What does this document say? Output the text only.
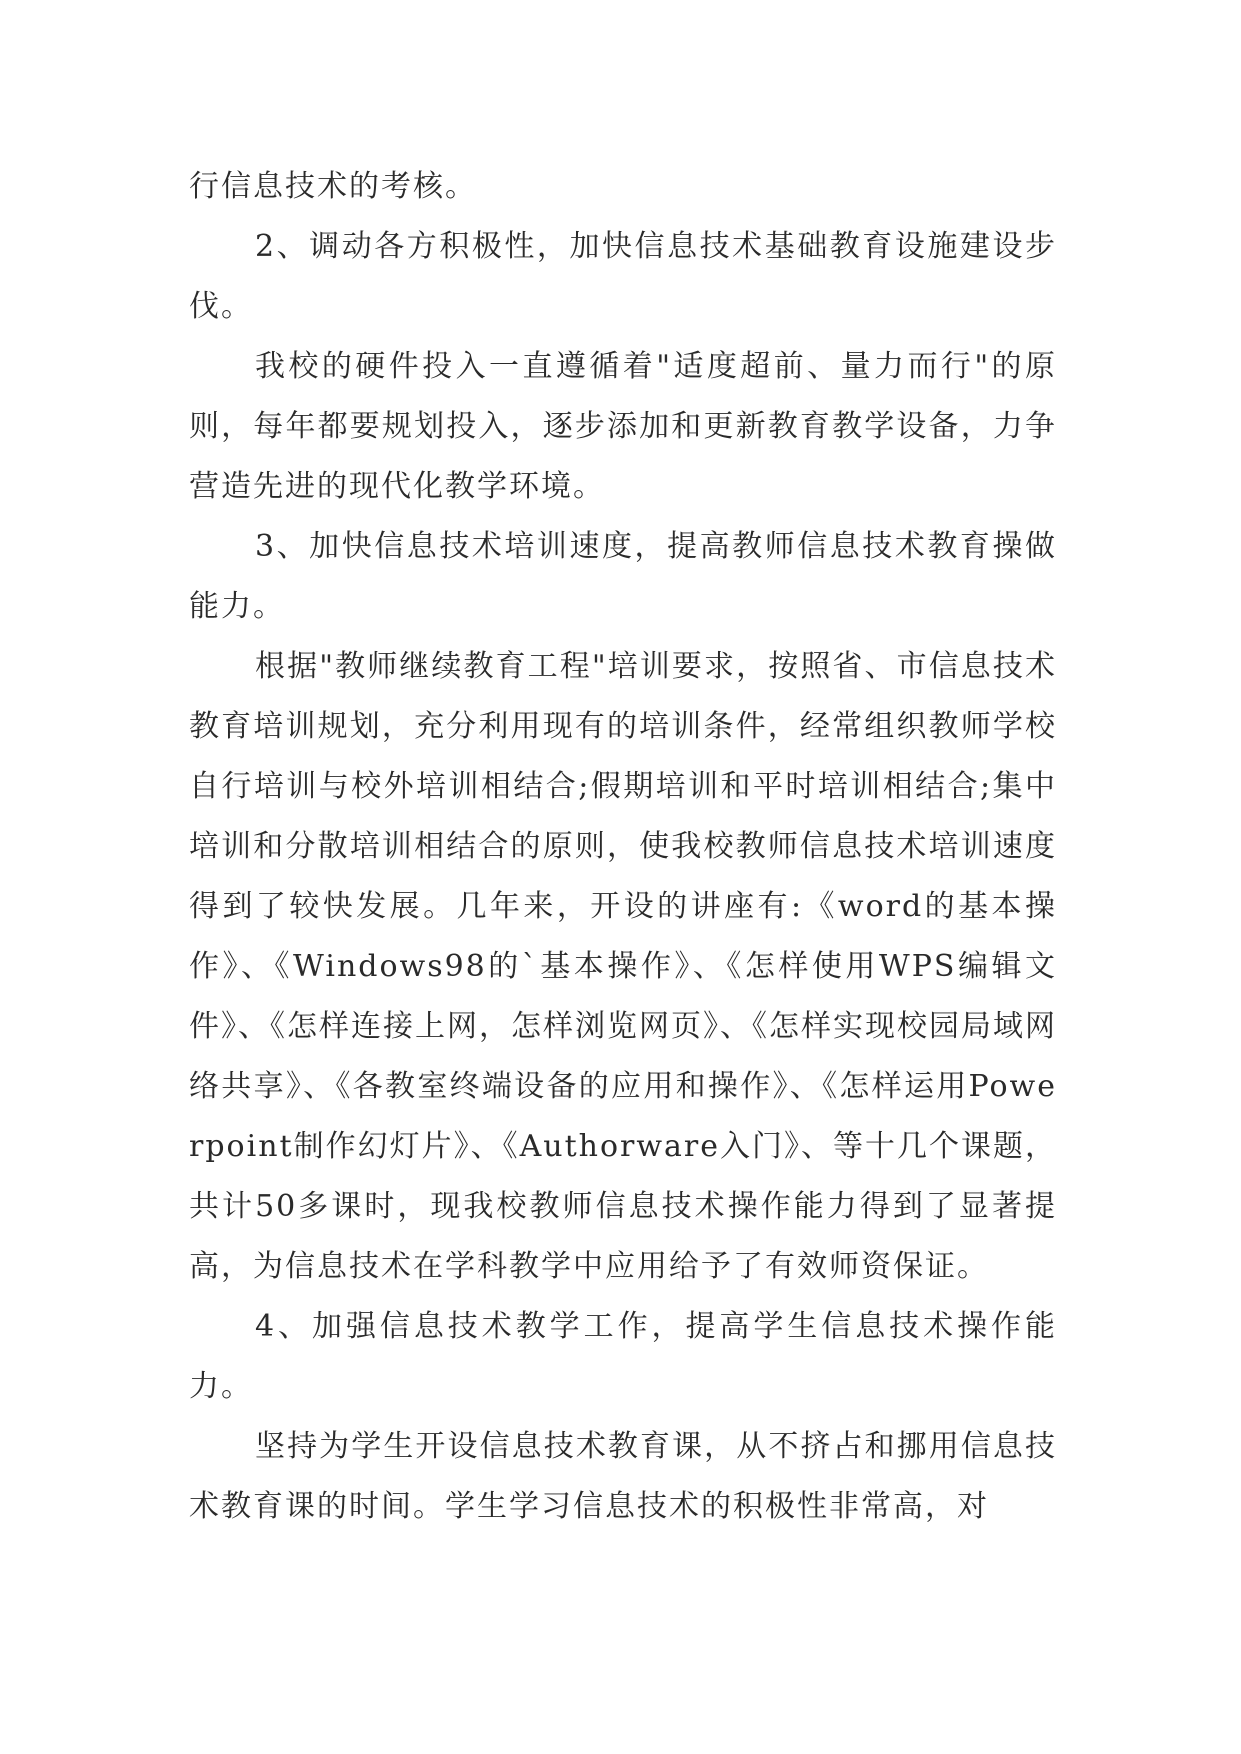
行信息技术的考核。

2、调动各方积极性，加快信息技术基础教育设施建设步伐。

我校的硬件投入一直遵循着"适度超前、量力而行"的原则，每年都要规划投入，逐步添加和更新教育教学设备，力争营造先进的现代化教学环境。

3、加快信息技术培训速度，提高教师信息技术教育操做能力。

根据"教师继续教育工程"培训要求，按照省、市信息技术教育培训规划，充分利用现有的培训条件，经常组织教师学校自行培训与校外培训相结合;假期培训和平时培训相结合;集中培训和分散培训相结合的原则，使我校教师信息技术培训速度得到了较快发展。几年来，开设的讲座有:《word的基本操作》、《Windows98的`基本操作》、《怎样使用WPS编辑文件》、《怎样连接上网，怎样浏览网页》、《怎样实现校园局域网络共享》、《各教室终端设备的应用和操作》、《怎样运用Powerpoint制作幻灯片》、《Authorware入门》、等十几个课题，共计50多课时，现我校教师信息技术操作能力得到了显著提高，为信息技术在学科教学中应用给予了有效师资保证。

4、加强信息技术教学工作，提高学生信息技术操作能力。

坚持为学生开设信息技术教育课，从不挤占和挪用信息技术教育课的时间。学生学习信息技术的积极性非常高，对
